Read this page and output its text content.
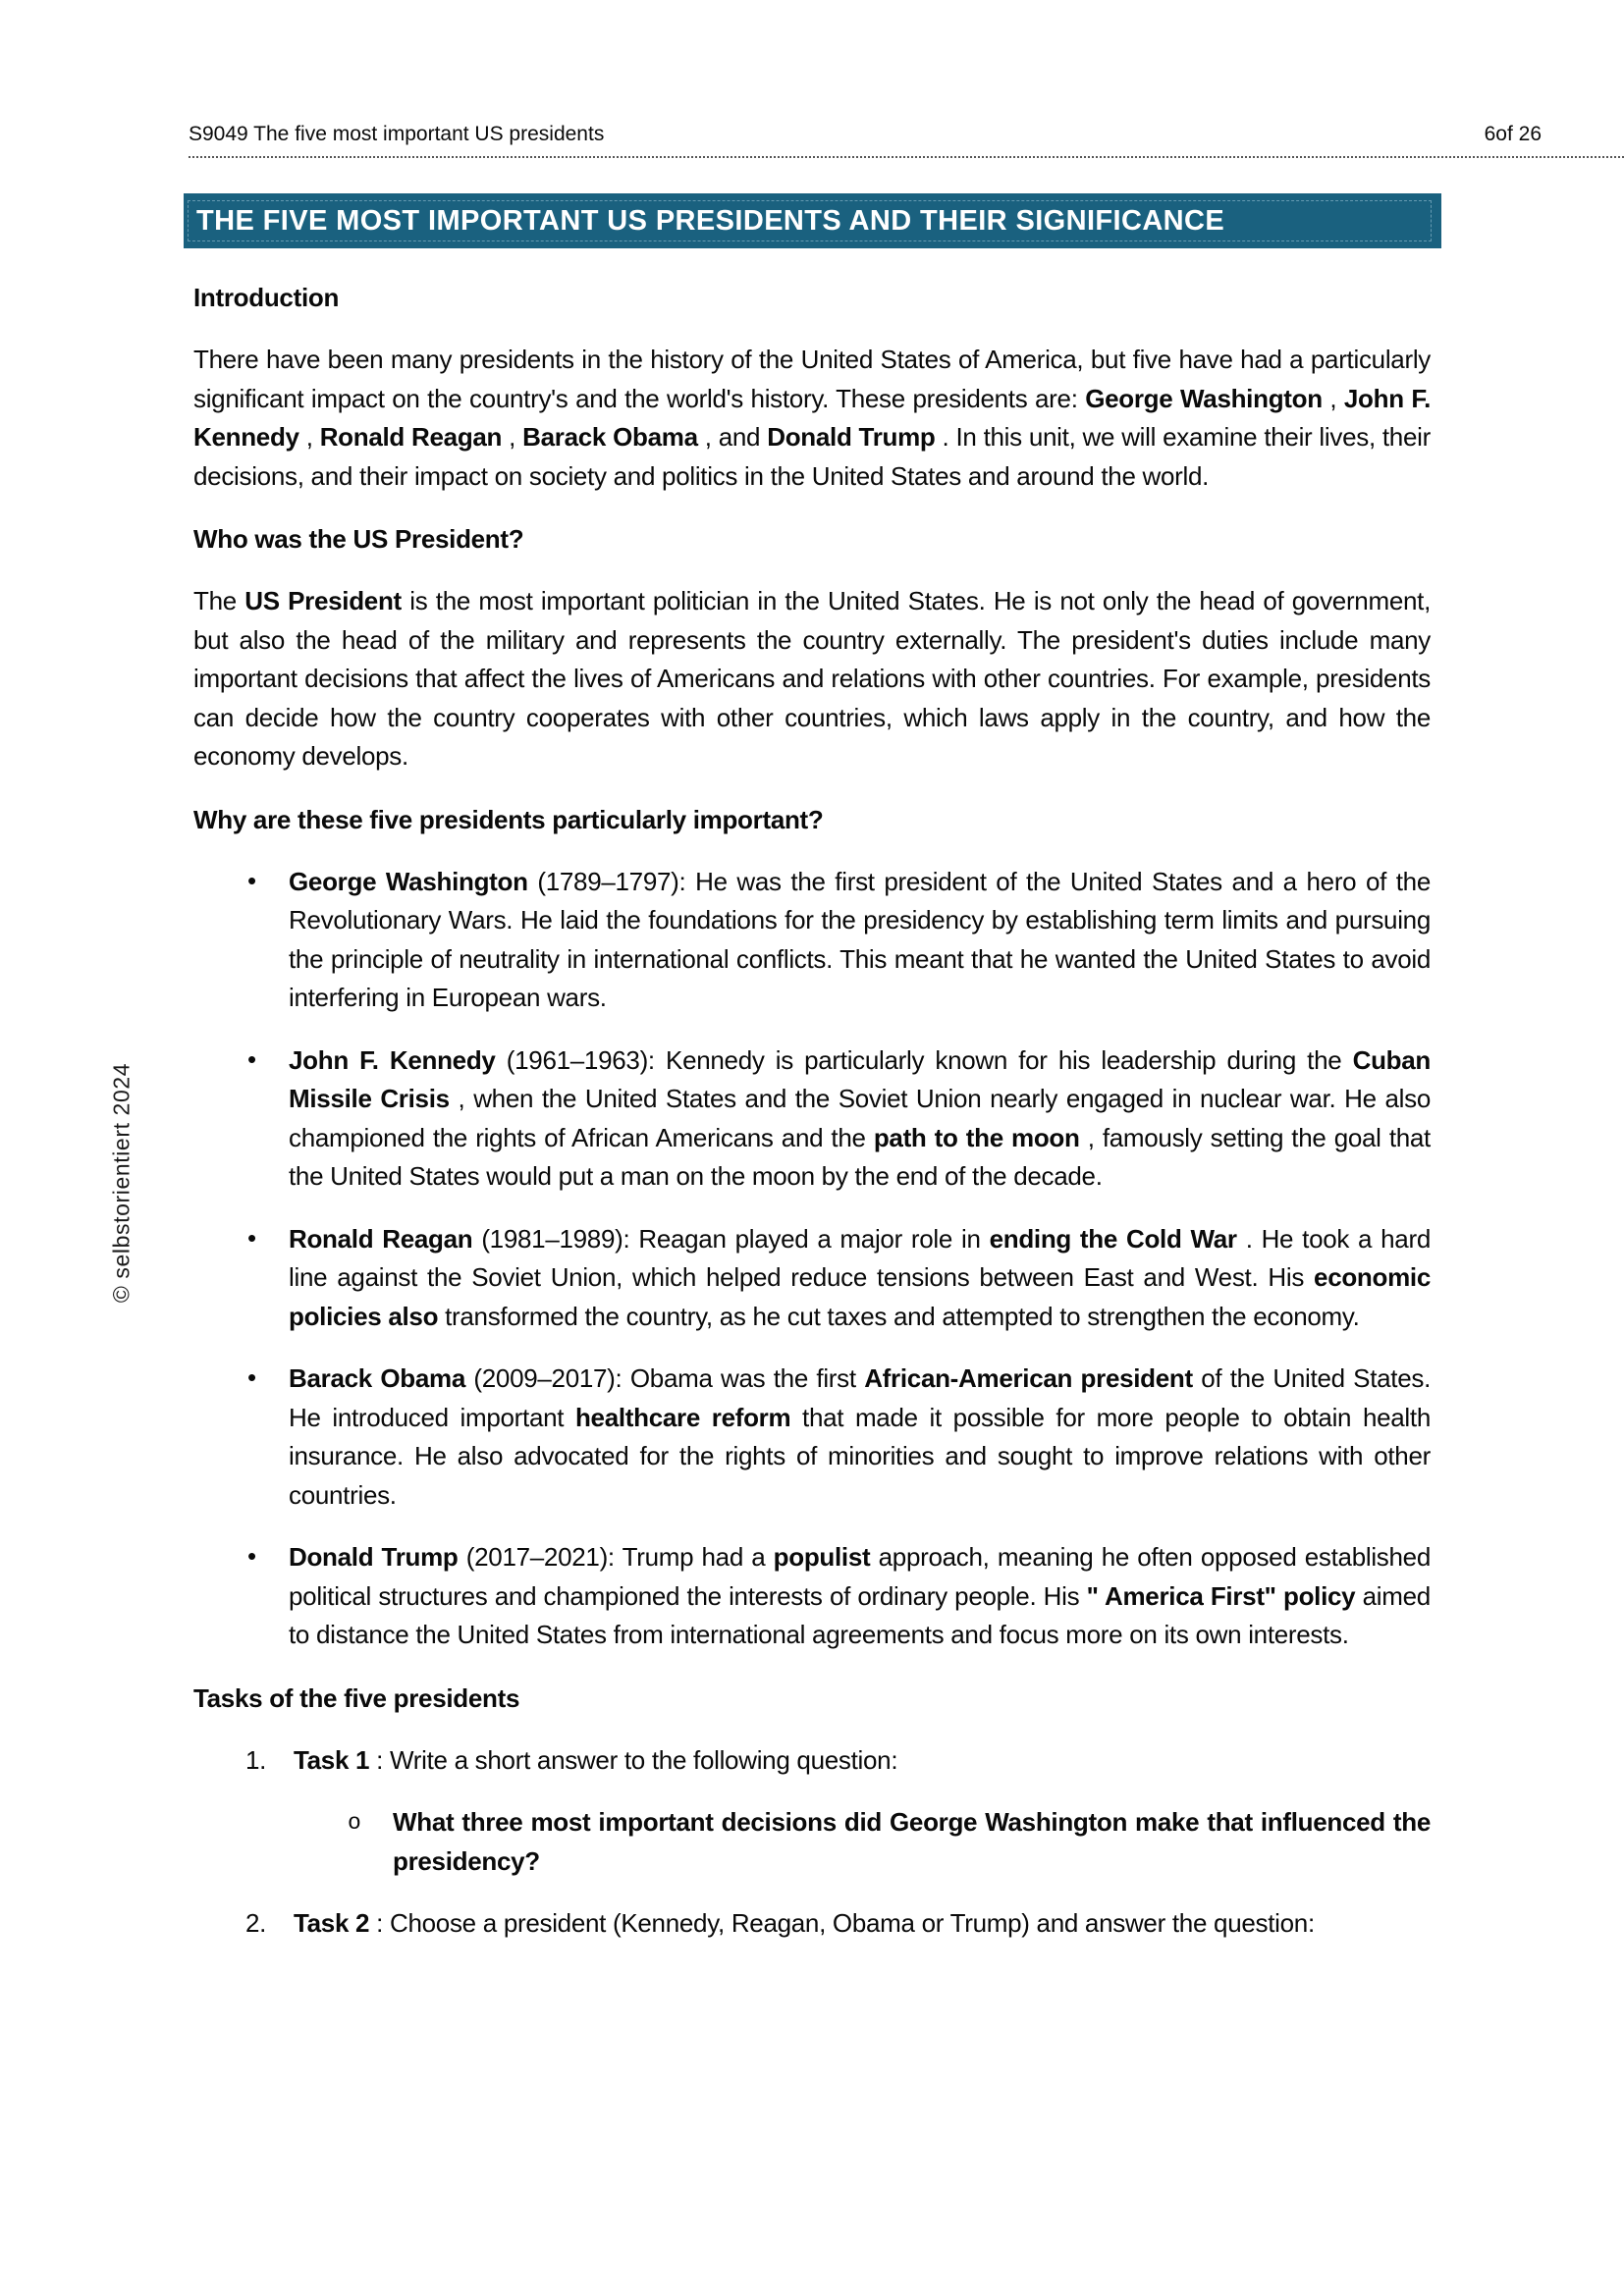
S9049 The five most important US presidents	6of 26
THE FIVE MOST IMPORTANT US PRESIDENTS AND THEIR SIGNIFICANCE
© selbstorientiert 2024
Introduction

There have been many presidents in the history of the United States of America, but five have had a particularly significant impact on the country's and the world's history. These presidents are: George Washington , John F. Kennedy , Ronald Reagan , Barack Obama , and Donald Trump . In this unit, we will examine their lives, their decisions, and their impact on society and politics in the United States and around the world.

Who was the US President?

The US President is the most important politician in the United States. He is not only the head of government, but also the head of the military and represents the country externally. The president's duties include many important decisions that affect the lives of Americans and relations with other countries. For example, presidents can decide how the country cooperates with other countries, which laws apply in the country, and how the economy develops.

Why are these five presidents particularly important?
• George Washington (1789–1797): He was the first president of the United States and a hero of the Revolutionary Wars. He laid the foundations for the presidency by establishing term limits and pursuing the principle of neutrality in international conflicts. This meant that he wanted the United States to avoid interfering in European wars.
• John F. Kennedy (1961–1963): Kennedy is particularly known for his leadership during the Cuban Missile Crisis , when the United States and the Soviet Union nearly engaged in nuclear war. He also championed the rights of African Americans and the path to the moon , famously setting the goal that the United States would put a man on the moon by the end of the decade.
• Ronald Reagan (1981–1989): Reagan played a major role in ending the Cold War . He took a hard line against the Soviet Union, which helped reduce tensions between East and West. His economic policies also transformed the country, as he cut taxes and attempted to strengthen the economy.
• Barack Obama (2009–2017): Obama was the first African-American president of the United States. He introduced important healthcare reform that made it possible for more people to obtain health insurance. He also advocated for the rights of minorities and sought to improve relations with other countries.
• Donald Trump (2017–2021): Trump had a populist approach, meaning he often opposed established political structures and championed the interests of ordinary people. His " America First" policy aimed to distance the United States from international agreements and focus more on its own interests.
Tasks of the five presidents
1. Task 1 : Write a short answer to the following question:
o What three most important decisions did George Washington make that influenced the presidency?
2. Task 2 : Choose a president (Kennedy, Reagan, Obama or Trump) and answer the question:
